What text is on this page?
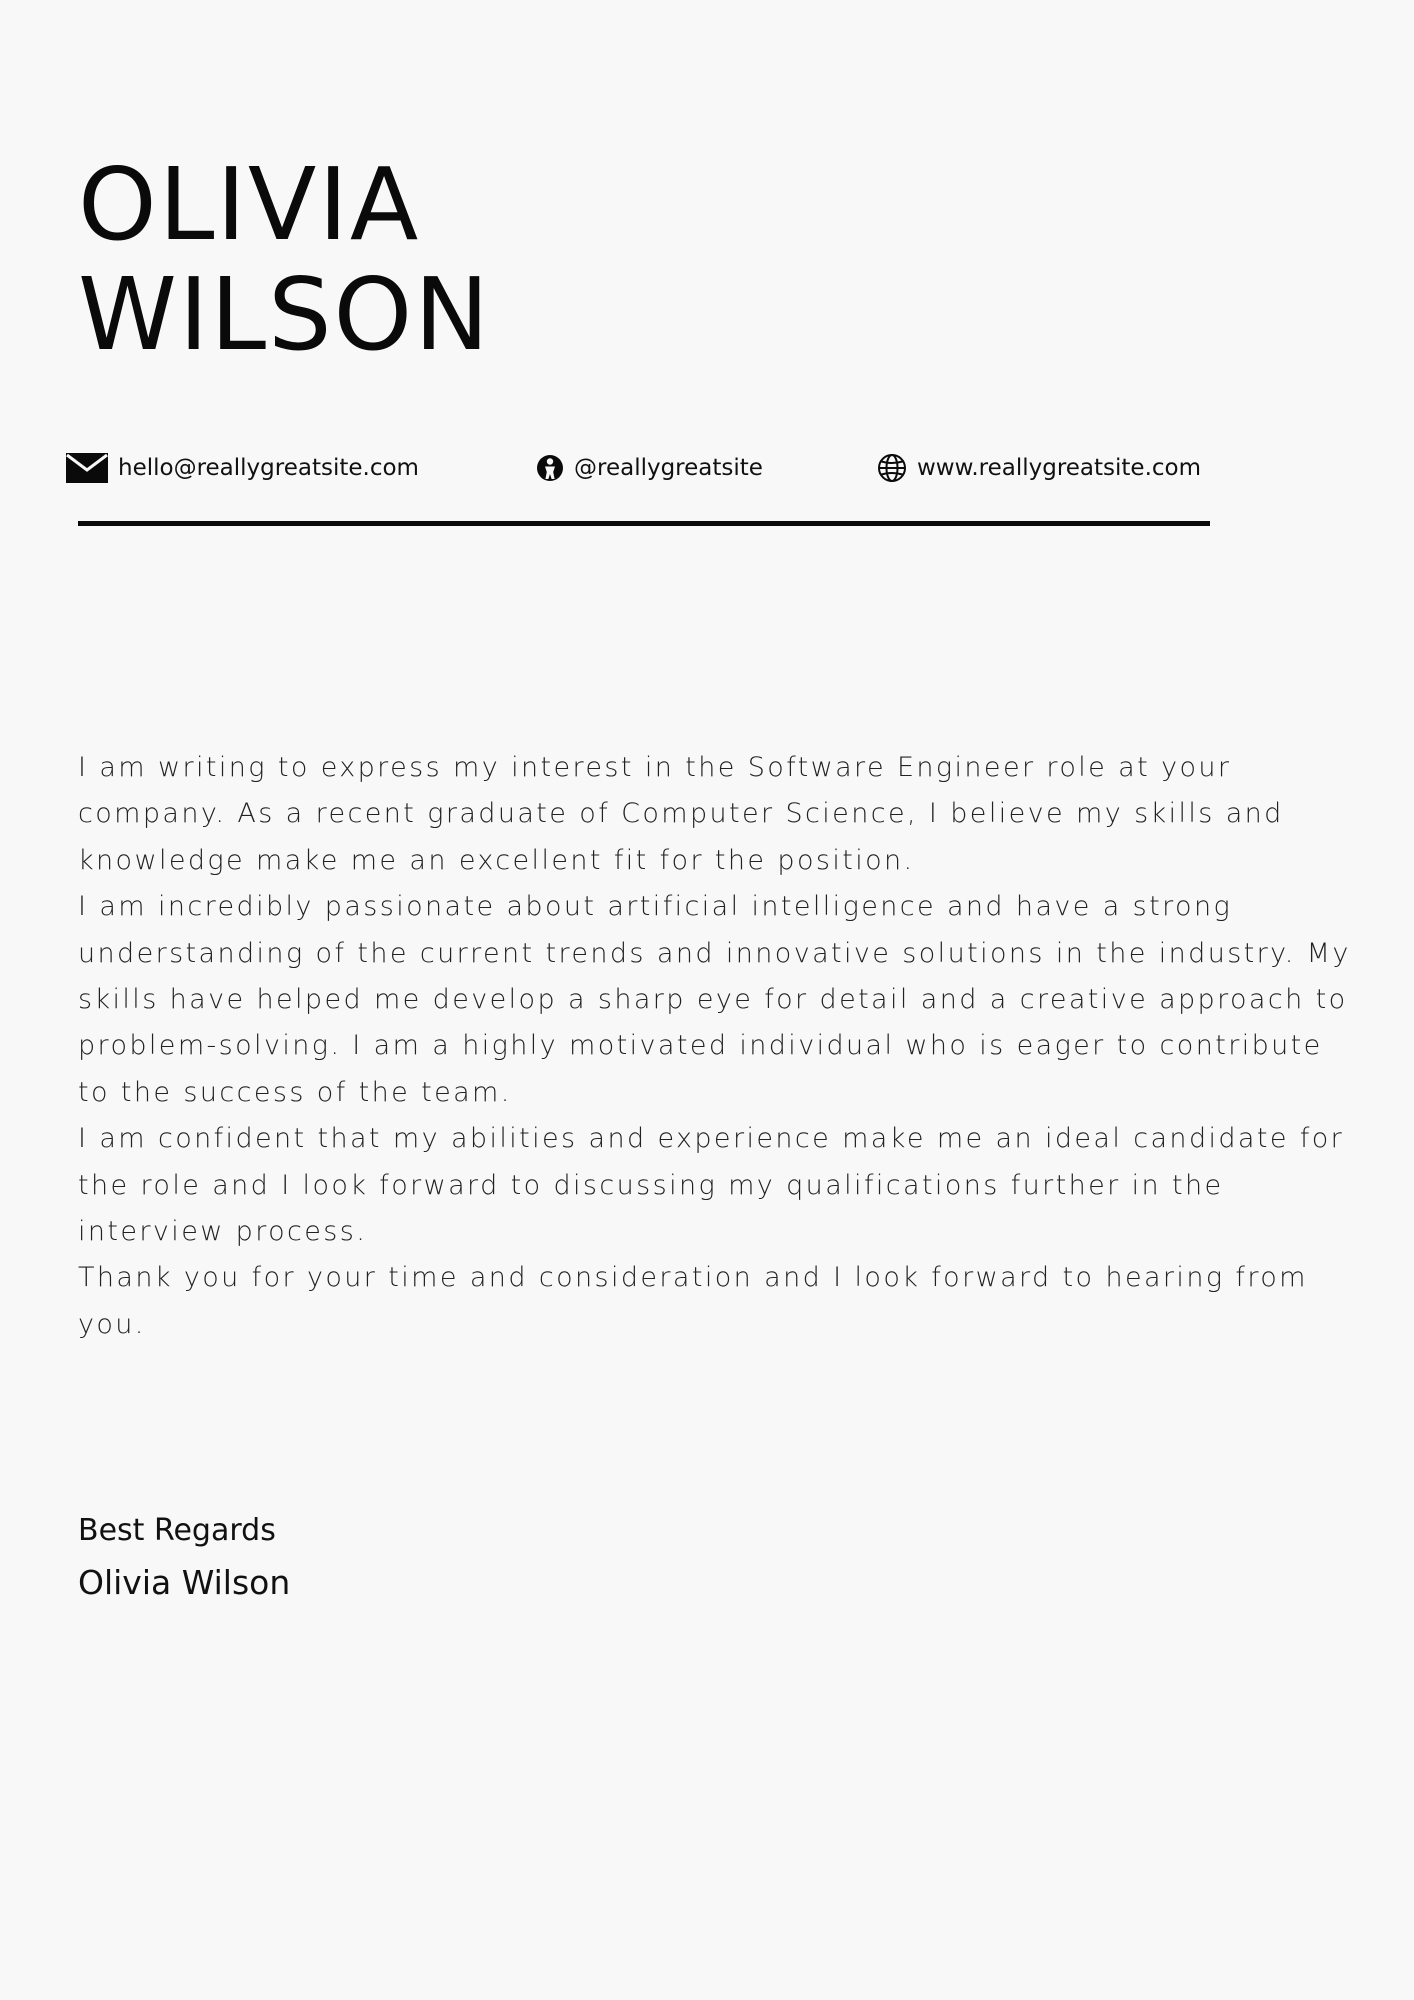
OLIVIA
WILSON
hello@reallygreatsite.com	@reallygreatsite	www.reallygreatsite.com

I am writing to express my interest in the Software Engineer role at your company. As a recent graduate of Computer Science, I believe my skills and knowledge make me an excellent fit for the position.

I am incredibly passionate about artificial intelligence and have a strong understanding of the current trends and innovative solutions in the industry. My skills have helped me develop a sharp eye for detail and a creative approach to problem-solving. I am a highly motivated individual who is eager to contribute to the success of the team.

I am confident that my abilities and experience make me an ideal candidate for the role and I look forward to discussing my qualifications further in the interview process.

Thank you for your time and consideration and I look forward to hearing from you.

Best Regards
Olivia Wilson
